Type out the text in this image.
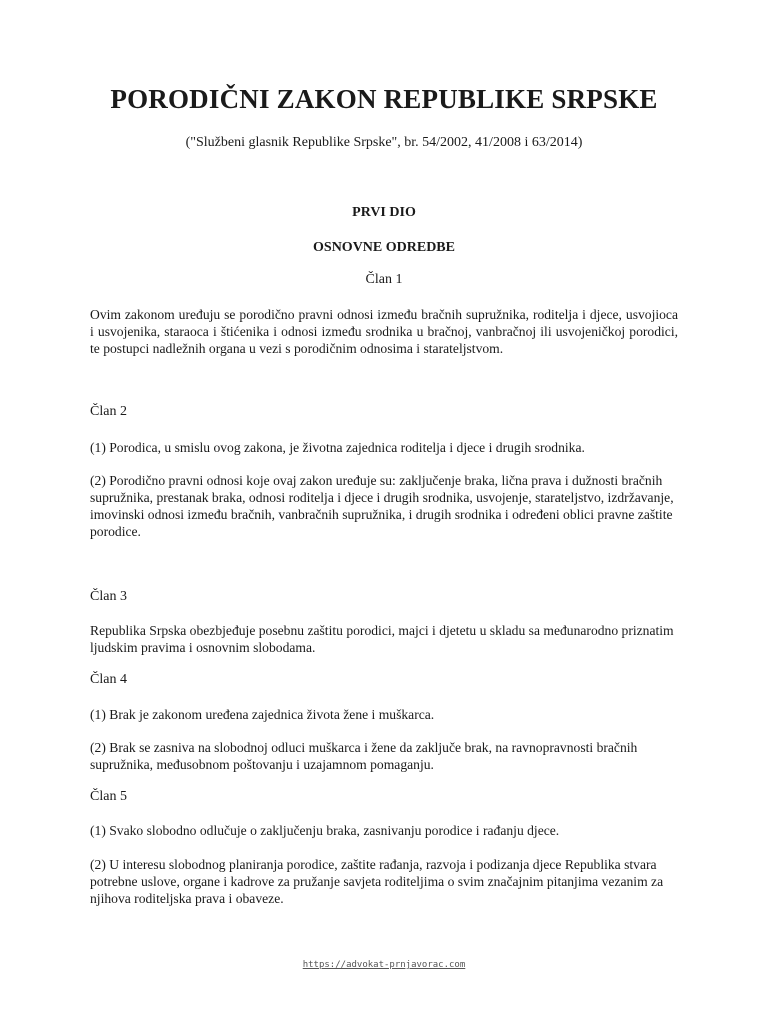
PORODIČNI ZAKON REPUBLIKE SRPSKE
("Službeni glasnik Republike Srpske", br. 54/2002, 41/2008 i 63/2014)
PRVI DIO
OSNOVNE ODREDBE
Član 1

Ovim zakonom uređuju se porodično pravni odnosi između bračnih supružnika, roditelja i djece, usvojioca i usvojenika, staraoca i štićenika i odnosi između srodnika u bračnoj, vanbračnoj ili usvojeničkoj porodici, te postupci nadležnih organa u vezi s porodičnim odnosima i starateljstvom.

Član 2

(1) Porodica, u smislu ovog zakona, je životna zajednica roditelja i djece i drugih srodnika.

(2) Porodično pravni odnosi koje ovaj zakon uređuje su: zaključenje braka, lična prava i dužnosti bračnih supružnika, prestanak braka, odnosi roditelja i djece i drugih srodnika, usvojenje, starateljstvo, izdržavanje, imovinski odnosi između bračnih, vanbračnih supružnika, i drugih srodnika i određeni oblici pravne zaštite porodice.

Član 3

Republika Srpska obezbjeđuje posebnu zaštitu porodici, majci i djetetu u skladu sa međunarodno priznatim ljudskim pravima i osnovnim slobodama.

Član 4

(1) Brak je zakonom uređena zajednica života žene i muškarca.

(2) Brak se zasniva na slobodnoj odluci muškarca i žene da zaključe brak, na ravnopravnosti bračnih supružnika, međusobnom poštovanju i uzajamnom pomaganju.

Član 5

(1) Svako slobodno odlučuje o zaključenju braka, zasnivanju porodice i rađanju djece.

(2) U interesu slobodnog planiranja porodice, zaštite rađanja, razvoja i podizanja djece Republika stvara potrebne uslove, organe i kadrove za pružanje savjeta roditeljima o svim značajnim pitanjima vezanim za njihova roditeljska prava i obaveze.

https://advokat-prnjavorac.com
